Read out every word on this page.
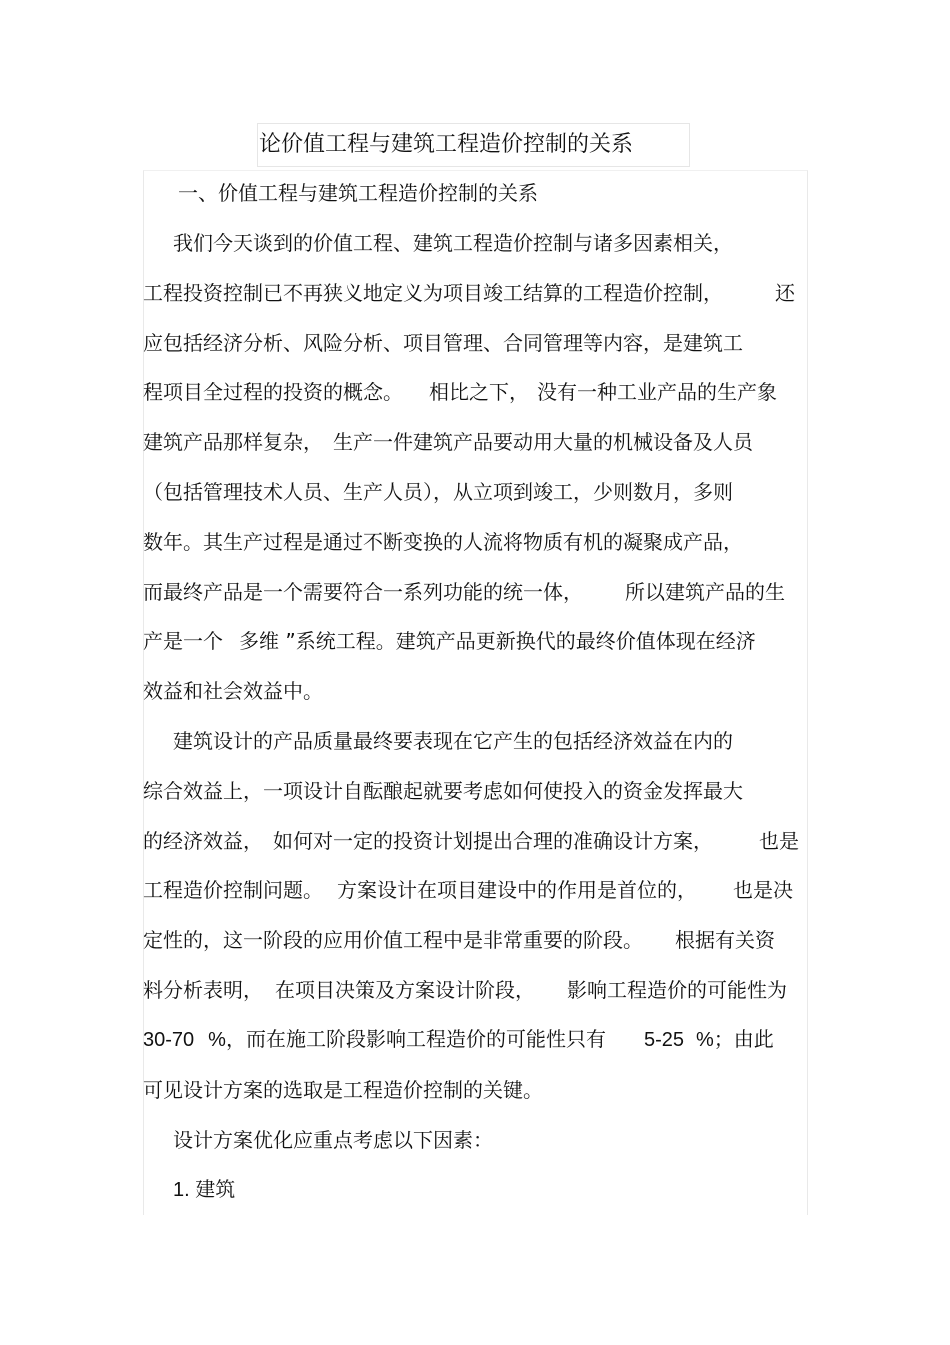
论价值工程与建筑工程造价控制的关系
一、价值工程与建筑工程造价控制的关系
我们今天谈到的价值工程、建筑工程造价控制与诸多因素相关，
工程投资控制已不再狭义地定义为项目竣工结算的工程造价控制，	还
应包括经济分析、风险分析、项目管理、合同管理等内容，是建筑工
程项目全过程的投资的概念。 相比之下， 没有一种工业产品的生产象
建筑产品那样复杂， 生产一件建筑产品要动用大量的机械设备及人员
（包括管理技术人员、生产人员），从立项到竣工，少则数月，多则
数年。其生产过程是通过不断变换的人流将物质有机的凝聚成产品，
而最终产品是一个需要符合一系列功能的统一体， 所以建筑产品的生
产是一个 多维 ”系统工程。建筑产品更新换代的最终价值体现在经济
效益和社会效益中。
建筑设计的产品质量最终要表现在它产生的包括经济效益在内的
综合效益上，一项设计自酝酿起就要考虑如何使投入的资金发挥最大
的经济效益， 如何对一定的投资计划提出合理的准确设计方案， 也是
工程造价控制问题。 方案设计在项目建设中的作用是首位的， 也是决
定性的，这一阶段的应用价值工程中是非常重要的阶段。 根据有关资
料分析表明， 在项目决策及方案设计阶段， 影响工程造价的可能性为
30-70 %，而在施工阶段影响工程造价的可能性只有 5-25 %；由此
可见设计方案的选取是工程造价控制的关键。
设计方案优化应重点考虑以下因素：
1. 建筑
